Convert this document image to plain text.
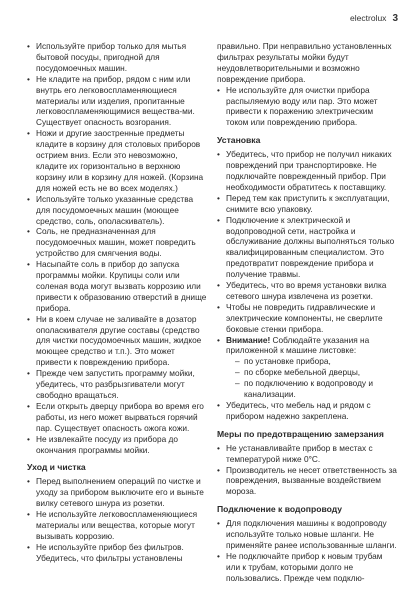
electrolux 3
• Используйте прибор только для мытья бытовой посуды, пригодной для посудомоечных машин.
• Не кладите на прибор, рядом с ним или внутрь его легковоспламеняющиеся материалы или изделия, пропитанные легковоспламеняющимися вещества-ми. Существует опасность возгорания.
• Ножи и другие заостренные предметы кладите в корзину для столовых приборов острием вниз. Если это невозможно, кладите их горизонтально в верхнюю корзину или в корзину для ножей. (Корзина для ножей есть не во всех моделях.)
• Используйте только указанные средства для посудомоечных машин (моющее средство, соль, ополаскиватель).
• Соль, не предназначенная для посудомоечных машин, может повредить устройство для смягчения воды.
• Насыпайте соль в прибор до запуска программы мойки. Крупицы соли или соленая вода могут вызвать коррозию или привести к образованию отверстий в днище прибора.
• Ни в коем случае не заливайте в дозатор ополаскивателя другие составы (средство для чистки посудомоечных машин, жидкое моющее средство и т.п.). Это может привести к повреждению прибора.
• Прежде чем запустить программу мойки, убедитесь, что разбрызгиватели могут свободно вращаться.
• Если открыть дверцу прибора во время его работы, из него может вырваться горячий пар. Существует опасность ожога кожи.
• Не извлекайте посуду из прибора до окончания программы мойки.
Уход и чистка
• Перед выполнением операций по чистке и уходу за прибором выключите его и выньте вилку сетевого шнура из розетки.
• Не используйте легковоспламеняющиеся материалы или вещества, которые могут вызывать коррозию.
• Не используйте прибор без фильтров. Убедитесь, что фильтры установлены
правильно. При неправильно установленных фильтрах результаты мойки будут неудовлетворительными и возможно повреждение прибора.
• Не используйте для очистки прибора распыляемую воду или пар. Это может привести к поражению электрическим током или повреждению прибора.
Установка
• Убедитесь, что прибор не получил никаких повреждений при транспортировке. Не подключайте поврежденный прибор. При необходимости обратитесь к поставщику.
• Перед тем как приступить к эксплуатации, снимите всю упаковку.
• Подключение к электрической и водопроводной сети, настройка и обслуживание должны выполняться только квалифицированным специалистом. Это предотвратит повреждение прибора и получение травмы.
• Убедитесь, что во время установки вилка сетевого шнура извлечена из розетки.
• Чтобы не повредить гидравлические и электрические компоненты, не сверлите боковые стенки прибора.
• Внимание! Соблюдайте указания на приложенной к машине листовке:
– по установке прибора,
– по сборке мебельной дверцы,
– по подключению к водопроводу и канализации.
• Убедитесь, что мебель над и рядом с прибором надежно закреплена.
Меры по предотвращению замерзания
• Не устанавливайте прибор в местах с температурой ниже 0°C.
• Производитель не несет ответственность за повреждения, вызванные воздействием мороза.
Подключение к водопроводу
• Для подключения машины к водопроводу используйте только новые шланги. Не применяйте ранее использованные шланги.
• Не подключайте прибор к новым трубам или к трубам, которыми долго не пользовались. Прежде чем подклю-
